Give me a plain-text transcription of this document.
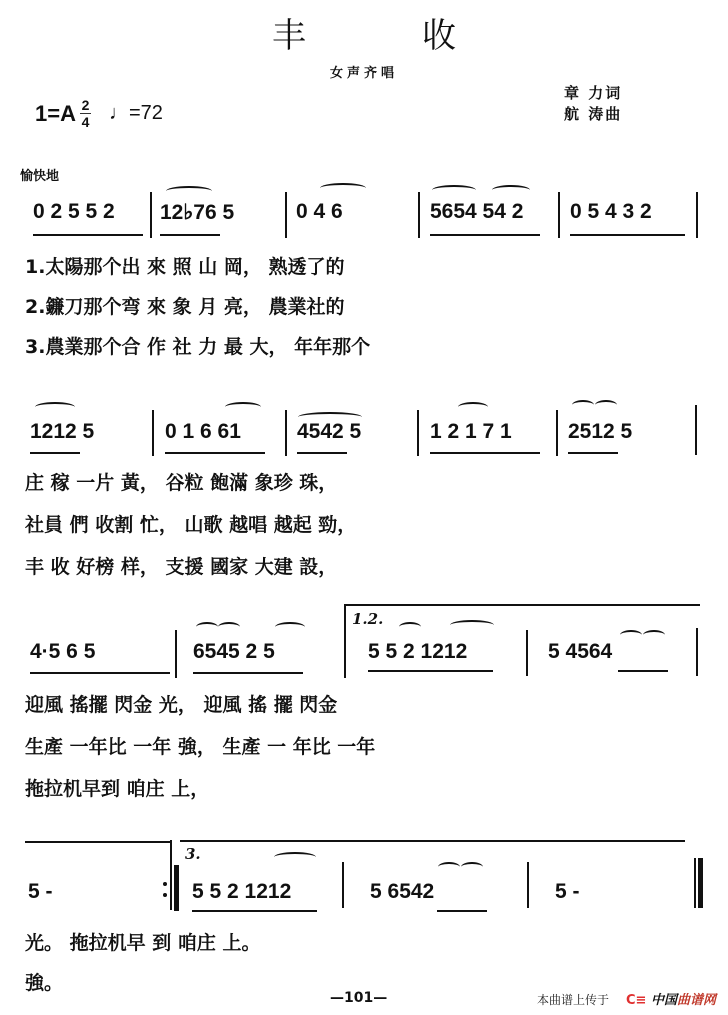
丰	收
女声齐唱
$1=A \frac{2}{4}$ ♩=72
章 力词
航 涛曲
愉快地
0 2 5 5 2 12♭76 5	0 4 6	5654 54 2 0 5 4 3 2
1.太陽那个出 來 照 山 岡， 熟透了的
2.鐮刀那个弯 來 象 月 亮， 農業社的
3.農業那个合 作 社 力 最 大， 年年那个
1212 5	0 1 6 61	4542 5	1 2 1 7 1	2512 5
庄 稼 一片 黃， 谷粒 飽滿 象珍 珠，
社員 們 收割 忙， 山歌 越唱 越起 勁，
丰 收 好榜 样， 支援 國家 大建 設，
4·5 6 5	6545 2 5
1.2.
5 5 2 1212	5 4564
迎風 搖擺 閃金 光， 迎風 搖 擺 閃金
生產 一年比 一年 強， 生產 一 年比 一年
拖拉机早到 咱庄 上，
5 -
3.
5 5 2 1212	5 6542	5 -
光。 拖拉机早 到 咱庄 上。
強。
—101—	本曲谱上传于 C≡ 中国曲谱网
